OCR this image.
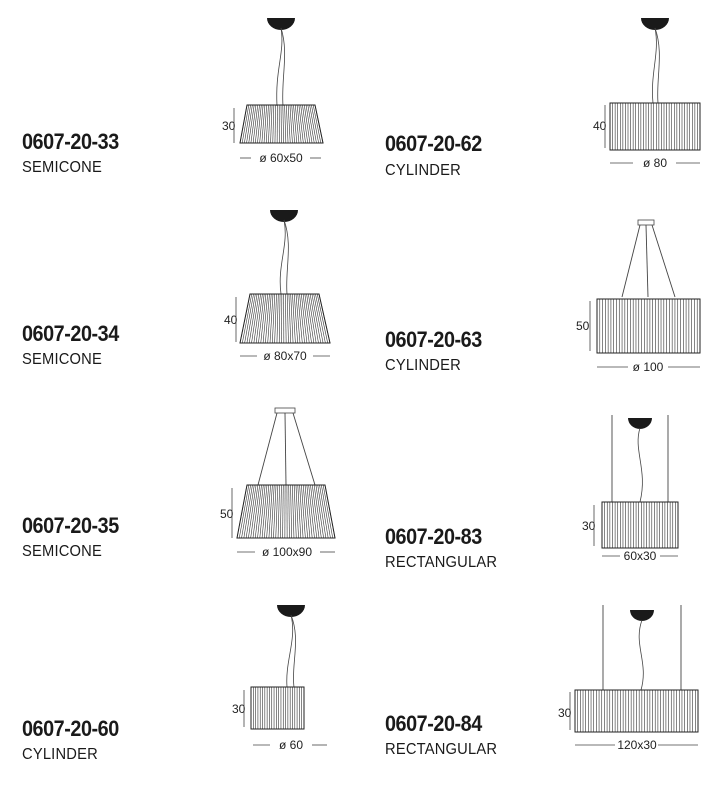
0607-20-33
SEMICONE
0607-20-62
CYLINDER
0607-20-34
SEMICONE
0607-20-63
CYLINDER
0607-20-35
SEMICONE
0607-20-83
RECTANGULAR
0607-20-60
CYLINDER
0607-20-84
RECTANGULAR
30
ø 60x50
40
ø 80
40
ø 80x70
50
ø 100
50
ø 100x90
30
60x30
30
ø 60
30
120x30
